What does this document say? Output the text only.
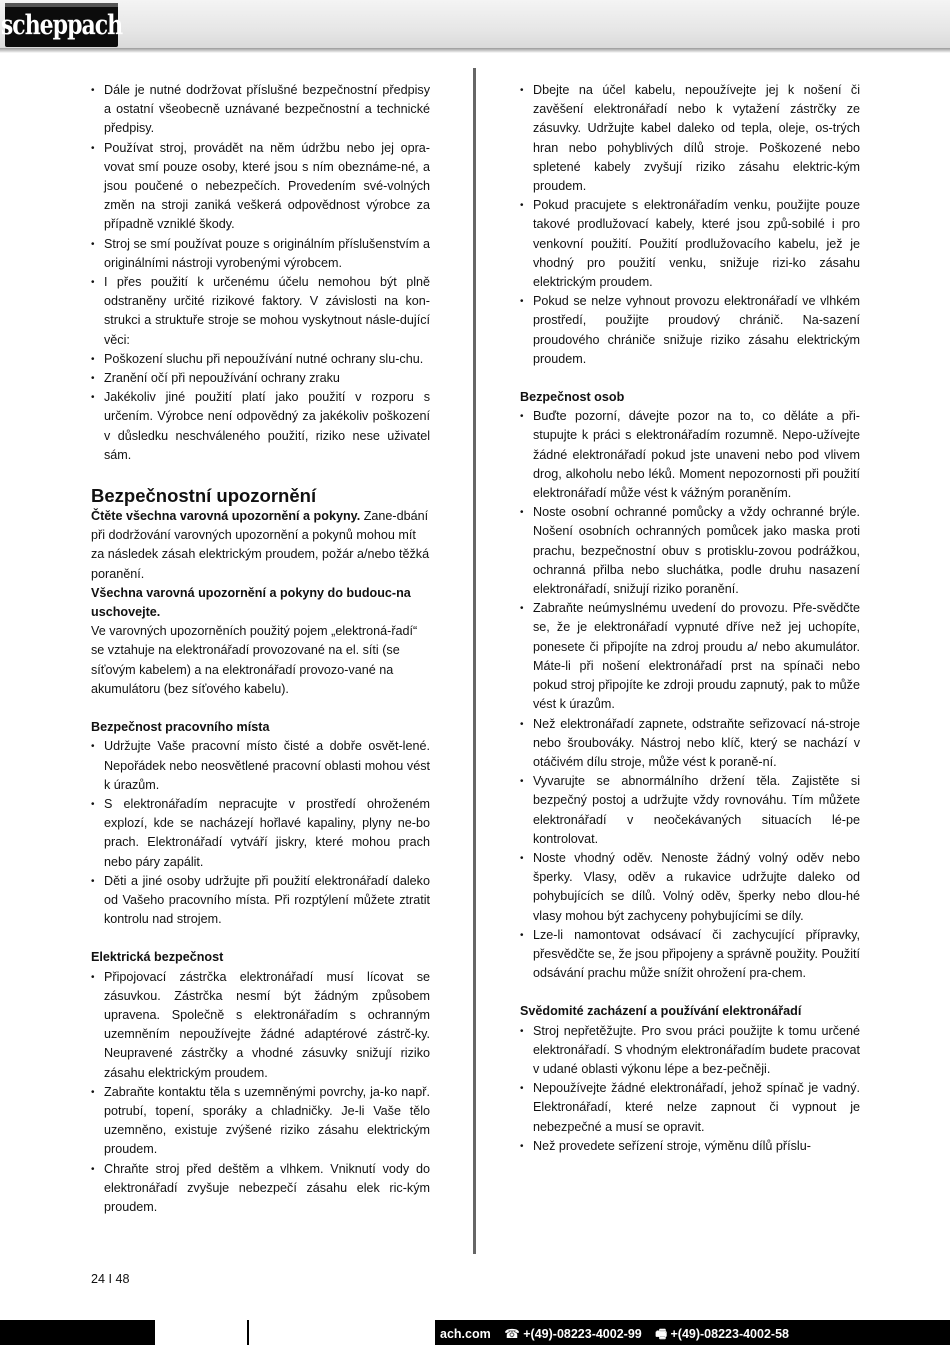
scheppach
• Dále je nutné dodržovat příslušné bezpečnostní předpisy a ostatní všeobecně uznávané bezpečnostní a technické předpisy.
• Používat stroj, provádět na něm údržbu nebo jej opra-vovat smí pouze osoby, které jsou s ním obeznáme-né, a jsou poučené o nebezpečích. Provedením své-volných změn na stroji zaniká veškerá odpovědnost výrobce za případně vzniklé škody.
• Stroj se smí používat pouze s originálním příslušenstvím a originálními nástroji vyrobenými výrobcem.
• I přes použití k určenému účelu nemohou být plně odstraněny určité rizikové faktory. V závislosti na kon-strukci a struktuře stroje se mohou vyskytnout násle-dující věci:
• Poškození sluchu při nepoužívání nutné ochrany slu-chu.
• Zranění očí při nepoužívání ochrany zraku
• Jakékoliv jiné použití platí jako použití v rozporu s určením. Výrobce není odpovědný za jakékoliv poškození v důsledku neschváleného použití, riziko nese uživatel sám.
Bezpečnostní upozornění

Čtěte všechna varovná upozornění a pokyny. Zane-dbání při dodržování varovných upozornění a pokynů mohou mít za následek zásah elektrickým proudem, požár a/nebo těžká poranění.

Všechna varovná upozornění a pokyny do budouc-na uschovejte.

Ve varovných upozorněních použitý pojem „elektroná-řadí“ se vztahuje na elektronářadí provozované na el. síti (se síťovým kabelem) a na elektronářadí provozo-vané na akumulátoru (bez síťového kabelu).

Bezpečnost pracovního místa

• Udržujte Vaše pracovní místo čisté a dobře osvět-lené. Nepořádek nebo neosvětlené pracovní oblasti mohou vést k úrazům.
• S elektronářadím nepracujte v prostředí ohroženém explozí, kde se nacházejí hořlavé kapaliny, plyny ne-bo prach. Elektronářadí vytváří jiskry, které mohou prach nebo páry zapálit.
• Děti a jiné osoby udržujte při použití elektronářadí daleko od Vašeho pracovního místa. Při rozptýlení můžete ztratit kontrolu nad strojem.

Elektrická bezpečnost

• Připojovací zástrčka elektronářadí musí lícovat se zásuvkou. Zástrčka nesmí být žádným způsobem upravena. Společně s elektronářadím s ochranným uzemněním nepoužívejte žádné adaptérové zástrč-ky. Neupravené zástrčky a vhodné zásuvky snižují riziko zásahu elektrickým proudem.
• Zabraňte kontaktu těla s uzemněnými povrchy, ja-ko např. potrubí, topení, sporáky a chladničky. Je-li Vaše tělo uzemněno, existuje zvýšené riziko zásahu elektrickým proudem.
• Chraňte stroj před deštěm a vlhkem. Vniknutí vody do elektronářadí zvyšuje nebezpečí zásahu elek ric-kým proudem.
• Dbejte na účel kabelu, nepoužívejte jej k nošení či zavěšení elektronářadí nebo k vytažení zástrčky ze zásuvky. Udržujte kabel daleko od tepla, oleje, os-trých hran nebo pohyblivých dílů stroje. Poškozené nebo spletené kabely zvyšují riziko zásahu elektric-kým proudem.
• Pokud pracujete s elektronářadím venku, použijte pouze takové prodlužovací kabely, které jsou způ-sobilé i pro venkovní použití. Použití prodlužovacího kabelu, jež je vhodný pro použití venku, snižuje rizi-ko zásahu elektrickým proudem.
• Pokud se nelze vyhnout provozu elektronářadí ve vlhkém prostředí, použijte proudový chránič. Na-sazení proudového chrániče snižuje riziko zásahu elektrickým proudem.

Bezpečnost osob

• Buďte pozorní, dávejte pozor na to, co děláte a při-stupujte k práci s elektronářadím rozumně. Nepo-užívejte žádné elektronářadí pokud jste unaveni nebo pod vlivem drog, alkoholu nebo léků. Moment nepozornosti při použití elektronářadí může vést k vážným poraněním.
• Noste osobní ochranné pomůcky a vždy ochranné brýle. Nošení osobních ochranných pomůcek jako maska proti prachu, bezpečnostní obuv s protisklu-zovou podrážkou, ochranná přilba nebo sluchátka, podle druhu nasazení elektronářadí, snižují riziko poranění.
• Zabraňte neúmyslnému uvedení do provozu. Pře-svědčte se, že je elektronářadí vypnuté dříve než jej uchopíte, ponesete či připojíte na zdroj proudu a/ nebo akumulátor. Máte-li při nošení elektronářadí prst na spínači nebo pokud stroj připojíte ke zdroji proudu zapnutý, pak to může vést k úrazům.
• Než elektronářadí zapnete, odstraňte seřizovací ná-stroje nebo šroubováky. Nástroj nebo klíč, který se nachází v otáčivém dílu stroje, může vést k poraně-ní.
• Vyvarujte se abnormálního držení těla. Zajistěte si bezpečný postoj a udržujte vždy rovnováhu. Tím můžete elektronářadí v neočekávaných situacích lé-pe kontrolovat.
• Noste vhodný oděv. Nenoste žádný volný oděv nebo šperky. Vlasy, oděv a rukavice udržujte daleko od pohybujících se dílů. Volný oděv, šperky nebo dlou-hé vlasy mohou být zachyceny pohybujícími se díly.
• Lze-li namontovat odsávací či zachycující přípravky, přesvědčte se, že jsou připojeny a správně použity. Použití odsávání prachu může snížit ohrožení pra-chem.

Svědomité zacházení a používání elektronářadí

• Stroj nepřetěžujte. Pro svou práci použijte k tomu určené elektronářadí. S vhodným elektronářadím budete pracovat v udané oblasti výkonu lépe a bez-pečněji.
• Nepoužívejte žádné elektronářadí, jehož spínač je vadný. Elektronářadí, které nelze zapnout či vypnout je nebezpečné a musí se opravit.
• Než provedete seřízení stroje, výměnu dílů příslu-
24 I 48
ach.com ☎ +(49)-08223-4002-99 🖷 +(49)-08223-4002-58
